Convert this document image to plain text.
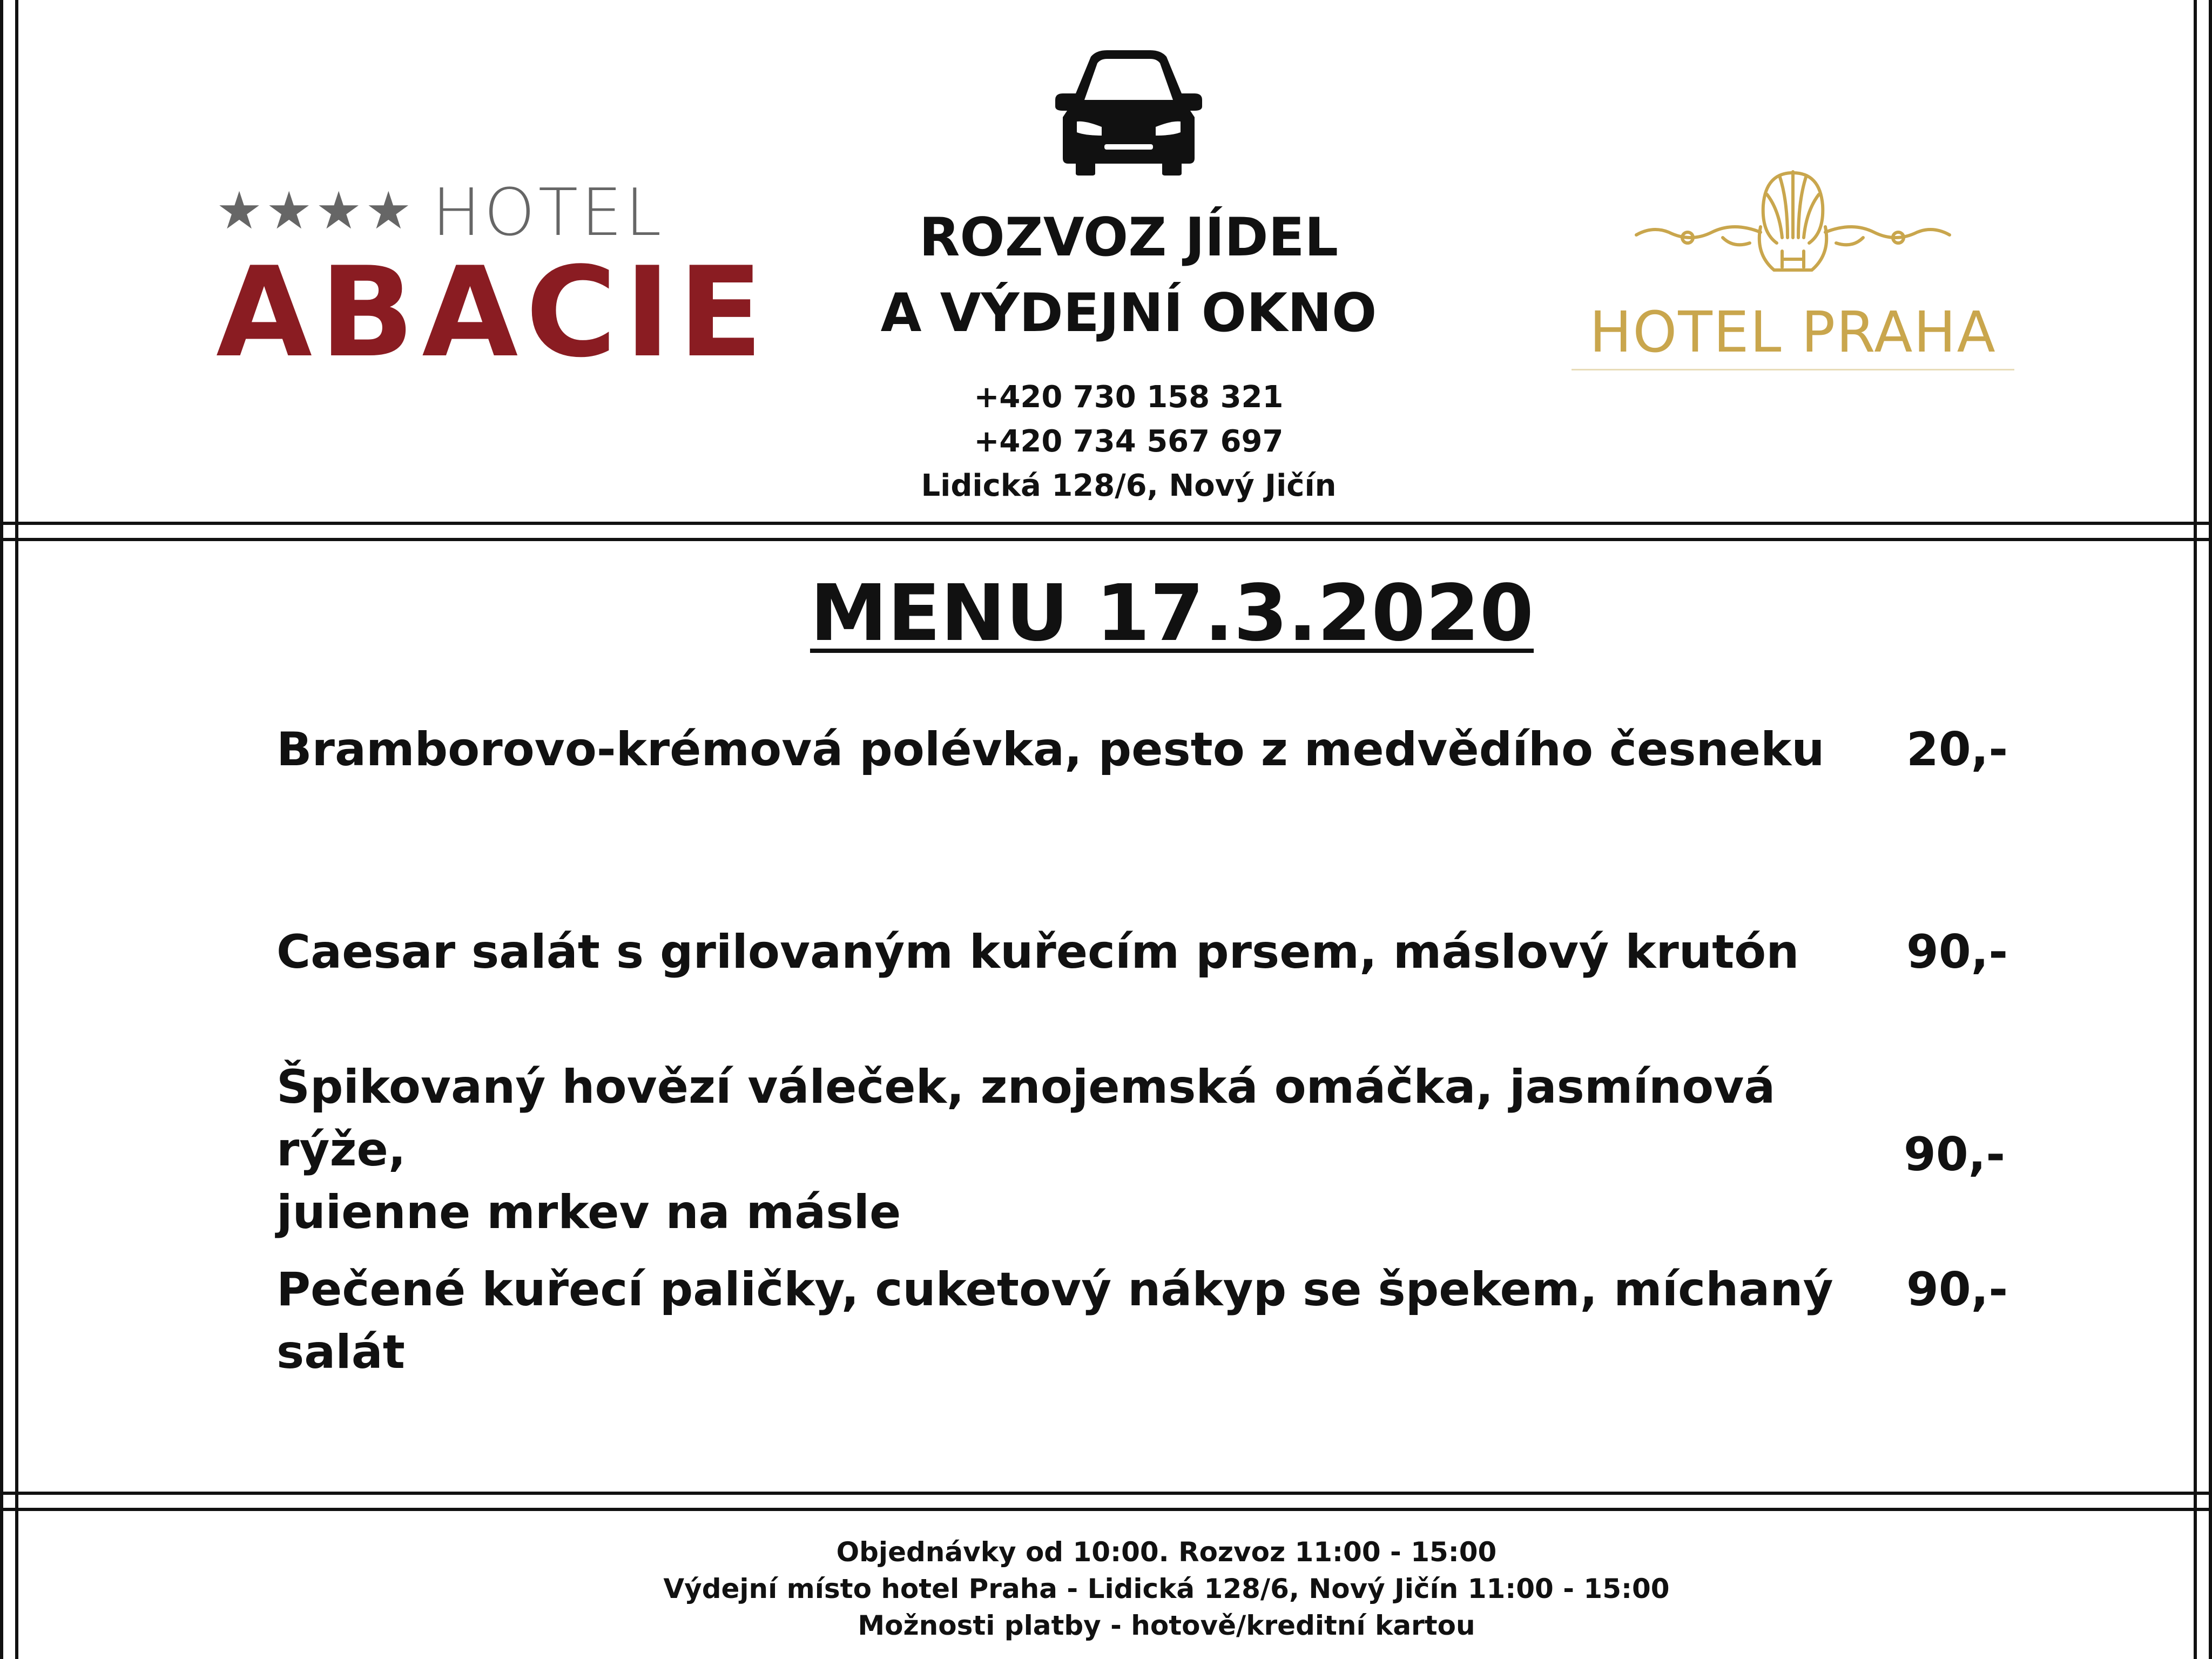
★★★★ HOTEL
ABACIE
ROZVOZ JÍDEL
A VÝDEJNÍ OKNO
+420 730 158 321
+420 734 567 697
Lidická 128/6, Nový Jičín
HOTEL PRAHA
MENU 17.3.2020
Bramborovo-krémová polévka, pesto z medvědího česneku	20,-
Caesar salát s grilovaným kuřecím prsem, máslový krutón	90,-
Špikovaný hovězí váleček, znojemská omáčka, jasmínová rýže,
juienne mrkev na másle
90,-
Pečené kuřecí paličky, cuketový nákyp se špekem, míchaný salát
90,-
Objednávky od 10:00. Rozvoz 11:00 - 15:00
Výdejní místo hotel Praha - Lidická 128/6, Nový Jičín 11:00 - 15:00
Možnosti platby - hotově/kreditní kartou
